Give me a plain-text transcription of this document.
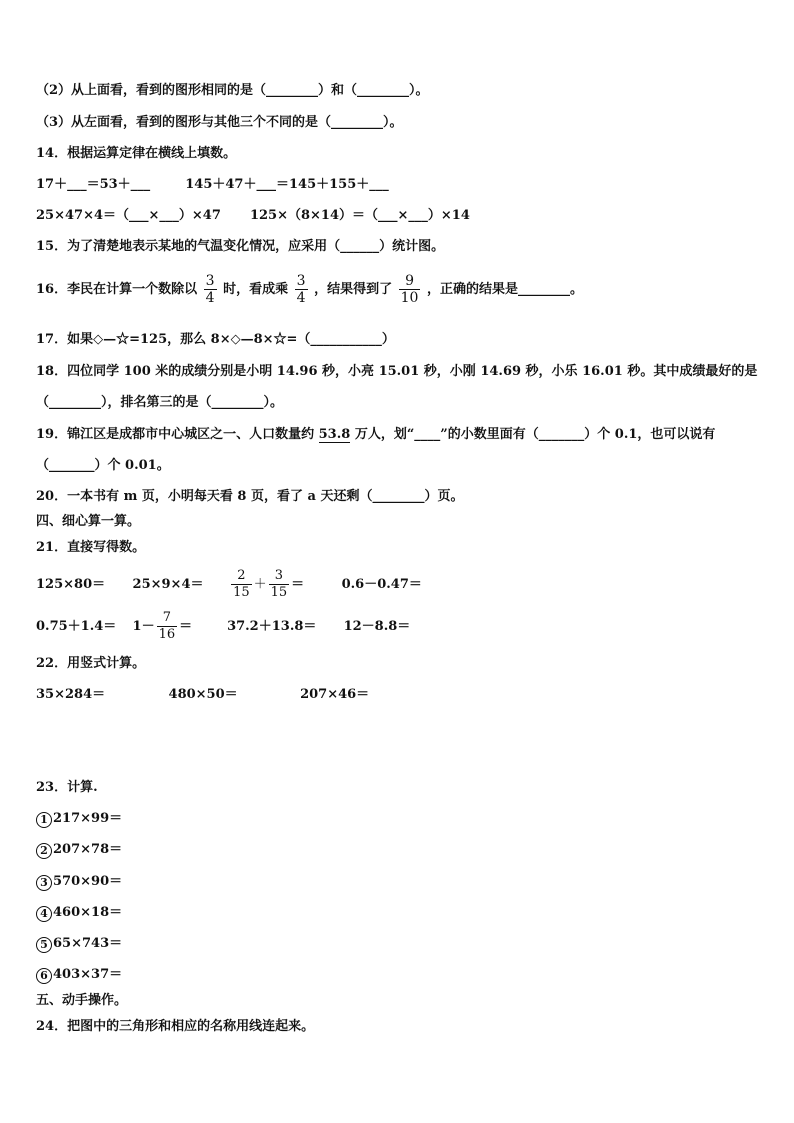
（2）从上面看，看到的图形相同的是（________）和（________）。
（3）从左面看，看到的图形与其他三个不同的是（________）。
14．根据运算定律在横线上填数。
17＋___＝53＋___	145＋47＋___＝145＋155＋___
25×47×4＝（___×___）×47 125×（8×14）＝（___×___）×14
15．为了清楚地表示某地的气温变化情况，应采用（______）统计图。
16．李民在计算一个数除以 $\frac{3}{4}$ 时，看成乘 $\frac{3}{4}$ ，结果得到了 $\frac{9}{10}$ ，正确的结果是________。
17．如果◇—☆=125，那么 8×◇—8×☆=（___________）
18．四位同学 100 米的成绩分别是小明 14.96 秒，小亮 15.01 秒，小刚 14.69 秒，小乐 16.01 秒。其中成绩最好的是
（________），排名第三的是（________）。
19．锦江区是成都市中心城区之一、人口数量约 53.8 万人，划“____”的小数里面有（_______）个 0.1，也可以说有
（_______）个 0.01。
20．一本书有 m 页，小明每天看 8 页，看了 a 天还剩（________）页。
四、细心算一算。
21．直接写得数。
$125\times 80= 25\times 9\times 4= \frac{2}{15} + \frac{3}{15}$ ＝	0.6－0.47＝
$0.75+1.4= 1- \frac{7}{16}$ ＝	37.2＋13.8＝ 12－8.8＝
22．用竖式计算。
35×284＝	480×50＝	207×46＝
23．计算.
1 217×99＝
2 207×78＝
3 570×90＝
4 460×18＝
5 65×743＝
6 403×37＝
五、动手操作。
24．把图中的三角形和相应的名称用线连起来。
